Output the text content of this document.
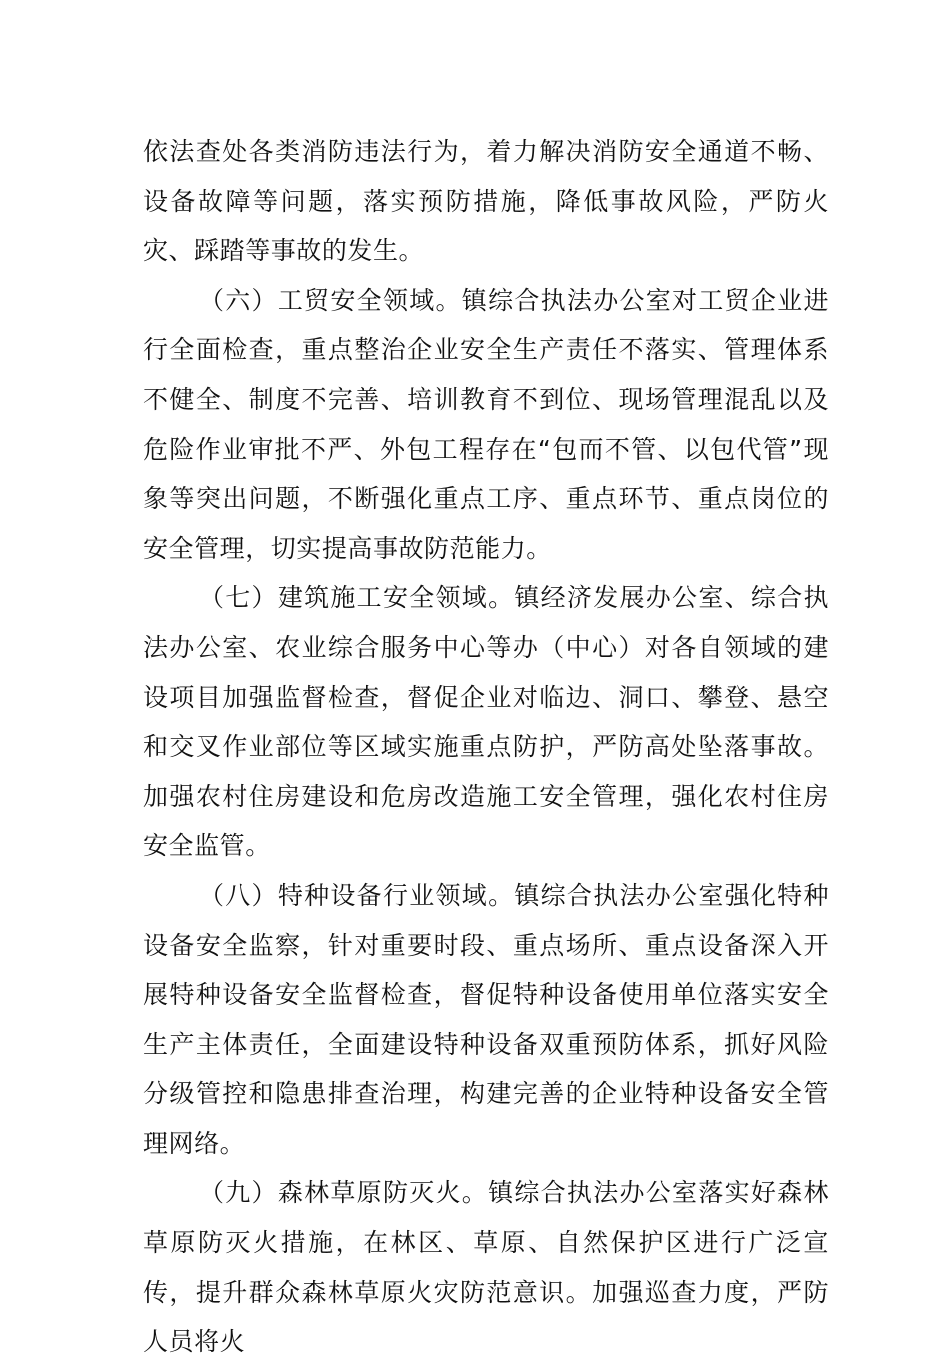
依法查处各类消防违法行为，着力解决消防安全通道不畅、设备故障等问题，落实预防措施，降低事故风险，严防火灾、踩踏等事故的发生。

（六）工贸安全领域。镇综合执法办公室对工贸企业进行全面检查，重点整治企业安全生产责任不落实、管理体系不健全、制度不完善、培训教育不到位、现场管理混乱以及危险作业审批不严、外包工程存在“包而不管、以包代管”现象等突出问题，不断强化重点工序、重点环节、重点岗位的安全管理，切实提高事故防范能力。

（七）建筑施工安全领域。镇经济发展办公室、综合执法办公室、农业综合服务中心等办（中心）对各自领域的建设项目加强监督检查，督促企业对临边、洞口、攀登、悬空和交叉作业部位等区域实施重点防护，严防高处坠落事故。加强农村住房建设和危房改造施工安全管理，强化农村住房安全监管。

（八）特种设备行业领域。镇综合执法办公室强化特种设备安全监察，针对重要时段、重点场所、重点设备深入开展特种设备安全监督检查，督促特种设备使用单位落实安全生产主体责任，全面建设特种设备双重预防体系，抓好风险分级管控和隐患排查治理，构建完善的企业特种设备安全管理网络。

（九）森林草原防灭火。镇综合执法办公室落实好森林草原防灭火措施，在林区、草原、自然保护区进行广泛宣传，提升群众森林草原火灾防范意识。加强巡查力度，严防人员将火
